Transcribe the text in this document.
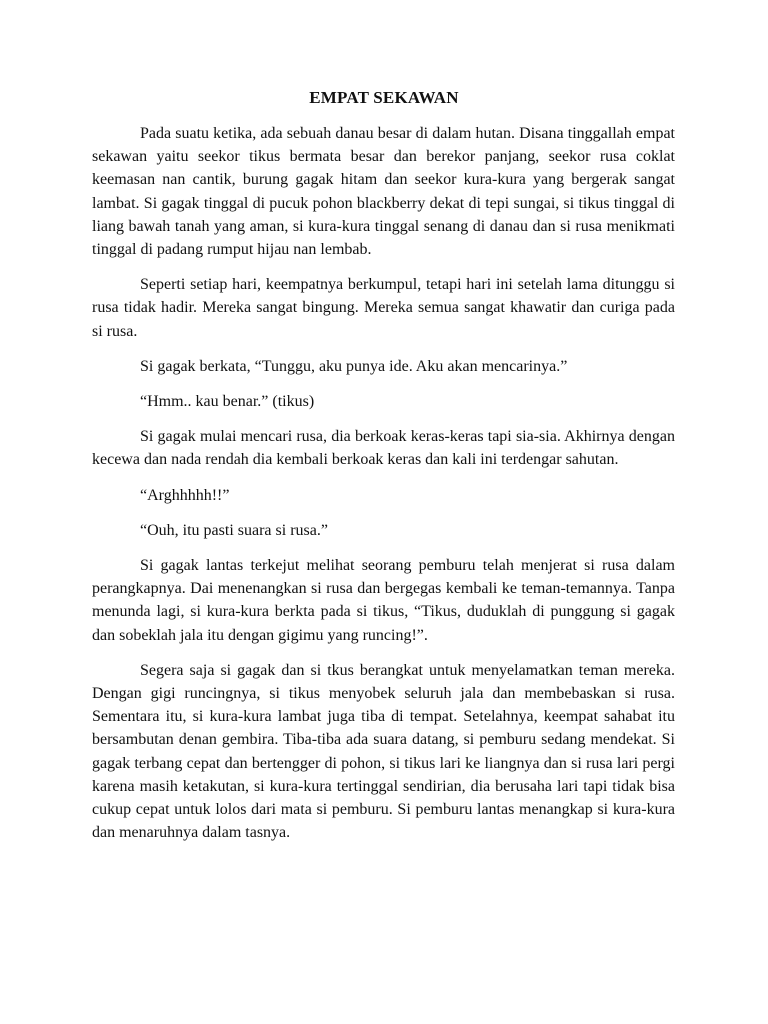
EMPAT SEKAWAN

Pada suatu ketika, ada sebuah danau besar di dalam hutan. Disana tinggallah empat sekawan yaitu seekor tikus bermata besar dan berekor panjang, seekor rusa coklat keemasan nan cantik, burung gagak hitam dan seekor kura-kura yang bergerak sangat lambat. Si gagak tinggal di pucuk pohon blackberry dekat di tepi sungai, si tikus tinggal di liang bawah tanah yang aman, si kura-kura tinggal senang di danau dan si rusa menikmati tinggal di padang rumput hijau nan lembab.

Seperti setiap hari, keempatnya berkumpul, tetapi hari ini setelah lama ditunggu si rusa tidak hadir. Mereka sangat bingung. Mereka semua sangat khawatir dan curiga pada si rusa.

Si gagak berkata, “Tunggu, aku punya ide. Aku akan mencarinya.”

“Hmm.. kau benar.” (tikus)

Si gagak mulai mencari rusa, dia berkoak keras-keras tapi sia-sia. Akhirnya dengan kecewa dan nada rendah dia kembali berkoak keras dan kali ini terdengar sahutan.

“Arghhhhh!!”

“Ouh, itu pasti suara si rusa.”

Si gagak lantas terkejut melihat seorang pemburu telah menjerat si rusa dalam perangkapnya. Dai menenangkan si rusa dan bergegas kembali ke teman-temannya. Tanpa menunda lagi, si kura-kura berkta pada si tikus, “Tikus, duduklah di punggung si gagak dan sobeklah jala itu dengan gigimu yang runcing!”.

Segera saja si gagak dan si tkus berangkat untuk menyelamatkan teman mereka. Dengan gigi runcingnya, si tikus menyobek seluruh jala dan membebaskan si rusa. Sementara itu, si kura-kura lambat juga tiba di tempat. Setelahnya, keempat sahabat itu bersambutan denan gembira. Tiba-tiba ada suara datang, si pemburu sedang mendekat. Si gagak terbang cepat dan bertengger di pohon, si tikus lari ke liangnya dan si rusa lari pergi karena masih ketakutan, si kura-kura tertinggal sendirian, dia berusaha lari tapi tidak bisa cukup cepat untuk lolos dari mata si pemburu. Si pemburu lantas menangkap si kura-kura dan menaruhnya dalam tasnya.
